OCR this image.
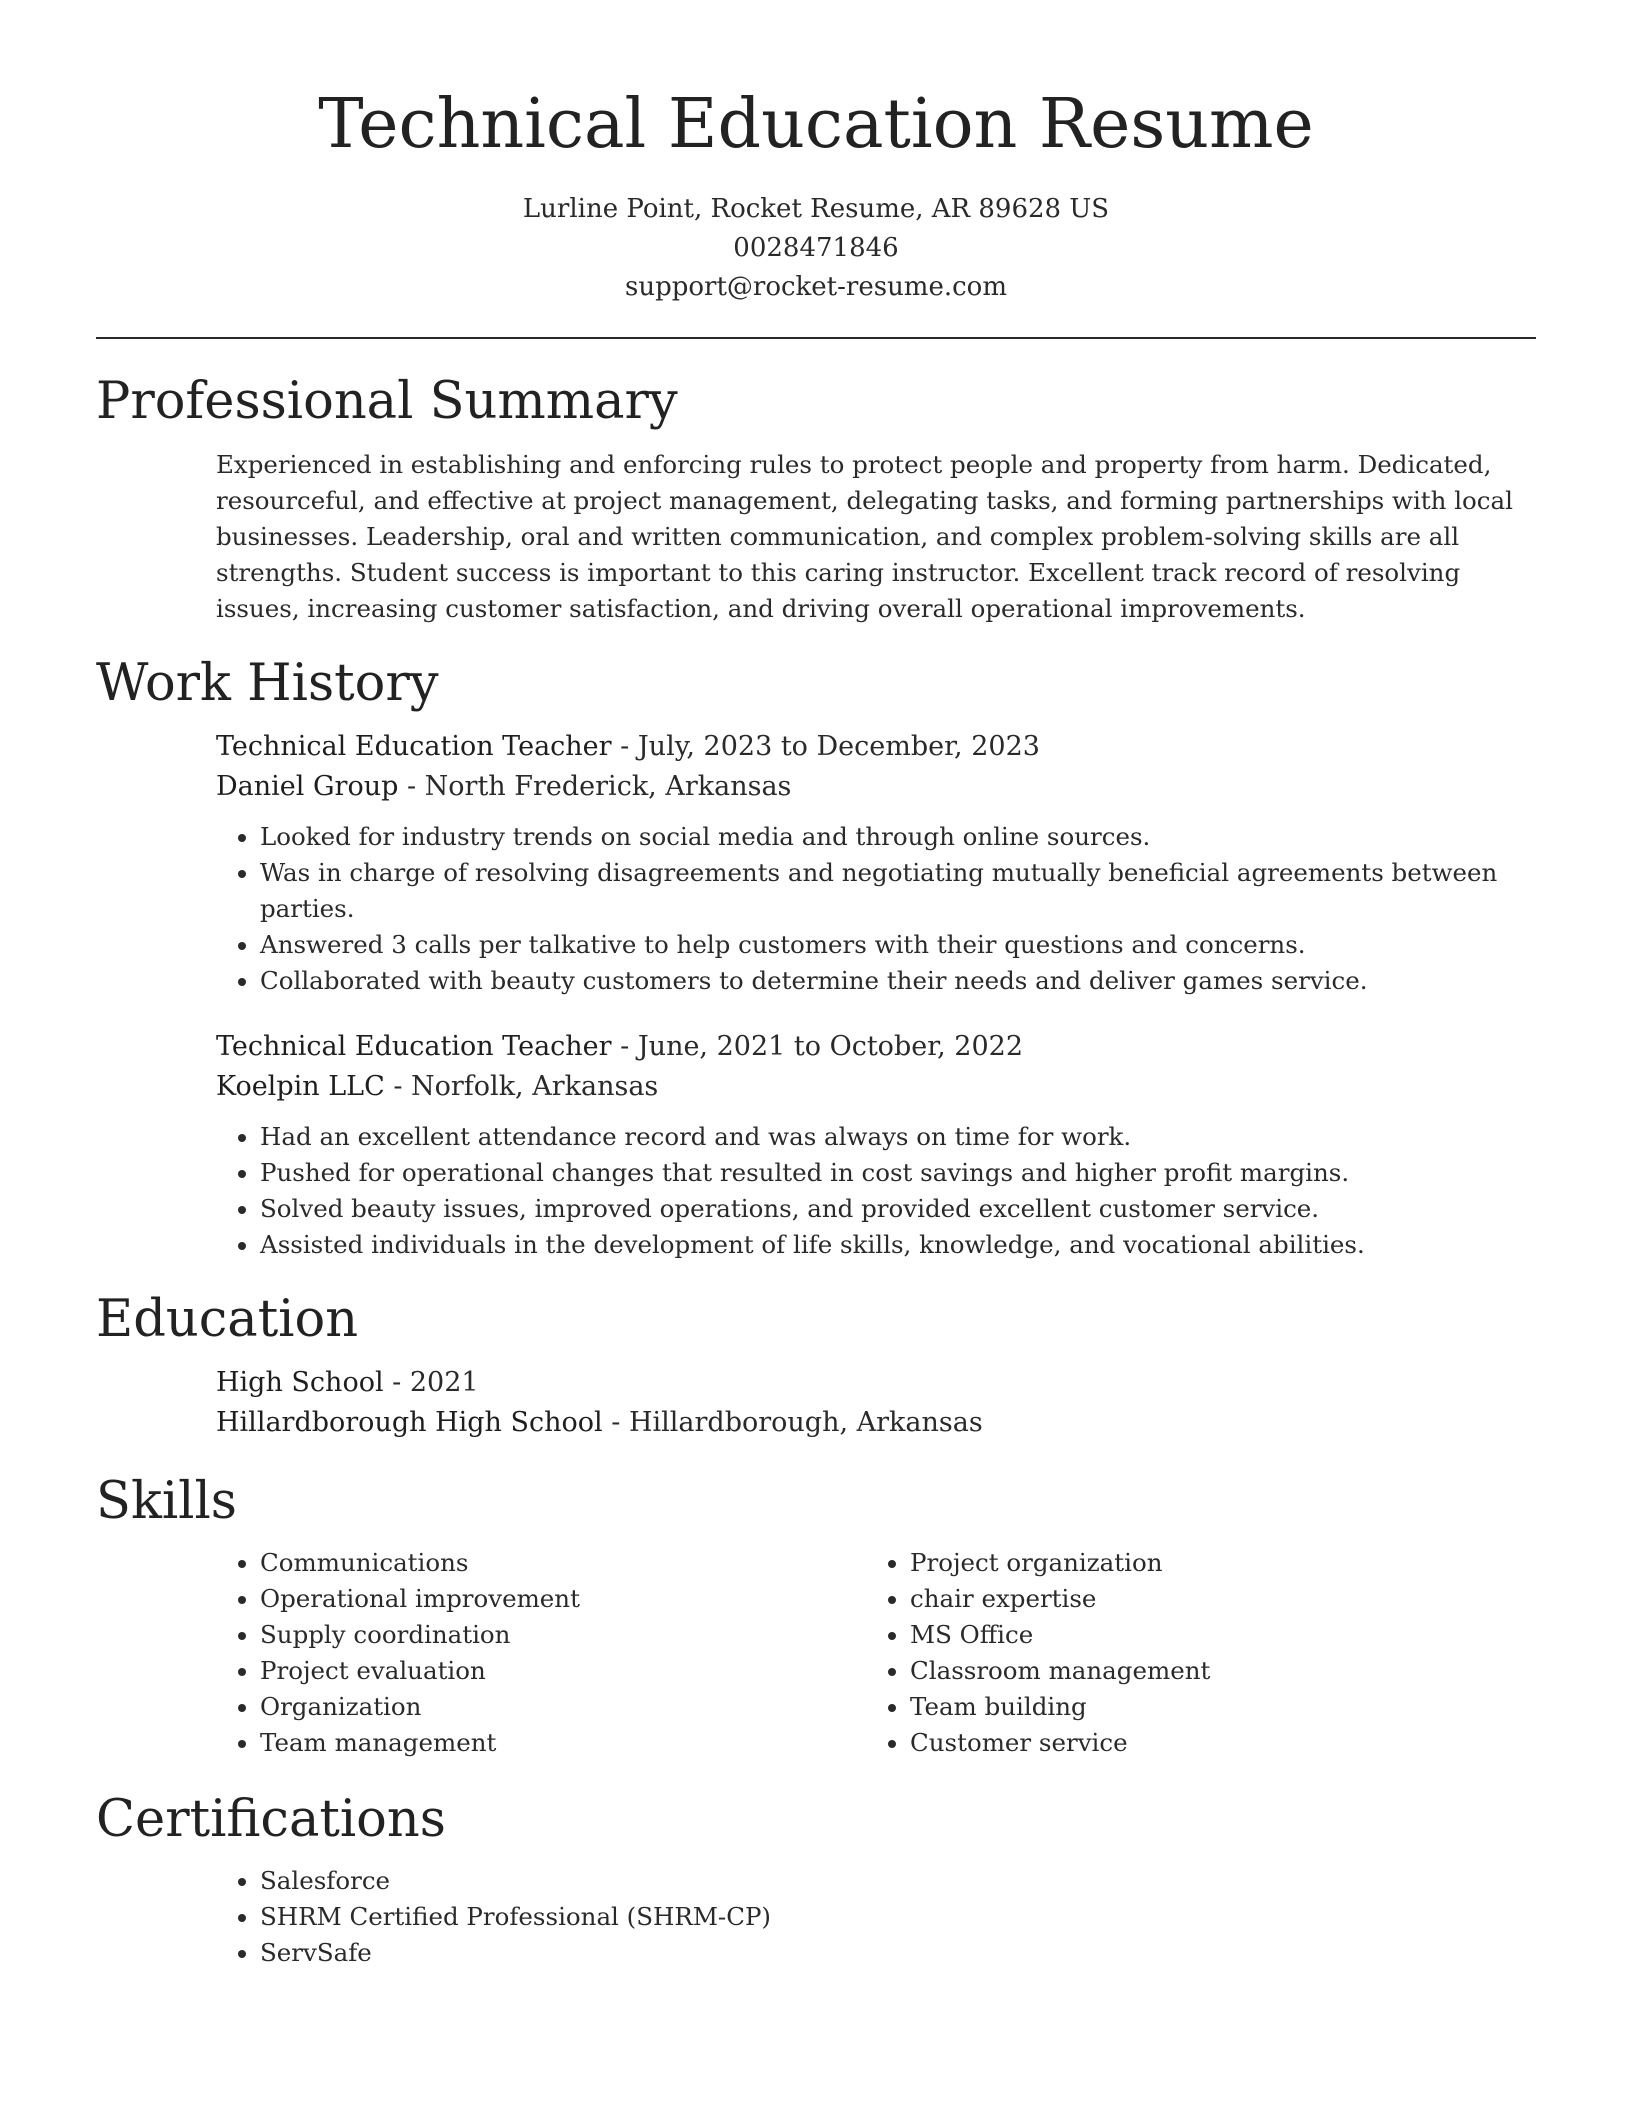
Technical Education Resume
Lurline Point, Rocket Resume, AR 89628 US
0028471846
support@rocket-resume.com
Professional Summary
Experienced in establishing and enforcing rules to protect people and property from harm. Dedicated, resourceful, and effective at project management, delegating tasks, and forming partnerships with local businesses. Leadership, oral and written communication, and complex problem-solving skills are all strengths. Student success is important to this caring instructor. Excellent track record of resolving issues, increasing customer satisfaction, and driving overall operational improvements.
Work History
Technical Education Teacher - July, 2023 to December, 2023
Daniel Group - North Frederick, Arkansas
• Looked for industry trends on social media and through online sources.
• Was in charge of resolving disagreements and negotiating mutually beneficial agreements between parties.
• Answered 3 calls per talkative to help customers with their questions and concerns.
• Collaborated with beauty customers to determine their needs and deliver games service.
Technical Education Teacher - June, 2021 to October, 2022
Koelpin LLC - Norfolk, Arkansas
• Had an excellent attendance record and was always on time for work.
• Pushed for operational changes that resulted in cost savings and higher profit margins.
• Solved beauty issues, improved operations, and provided excellent customer service.
• Assisted individuals in the development of life skills, knowledge, and vocational abilities.
Education
High School - 2021
Hillardborough High School - Hillardborough, Arkansas
Skills
• Communications
• Operational improvement
• Supply coordination
• Project evaluation
• Organization
• Team management
• Project organization
• chair expertise
• MS Office
• Classroom management
• Team building
• Customer service
Certifications
• Salesforce
• SHRM Certified Professional (SHRM-CP)
• ServSafe
